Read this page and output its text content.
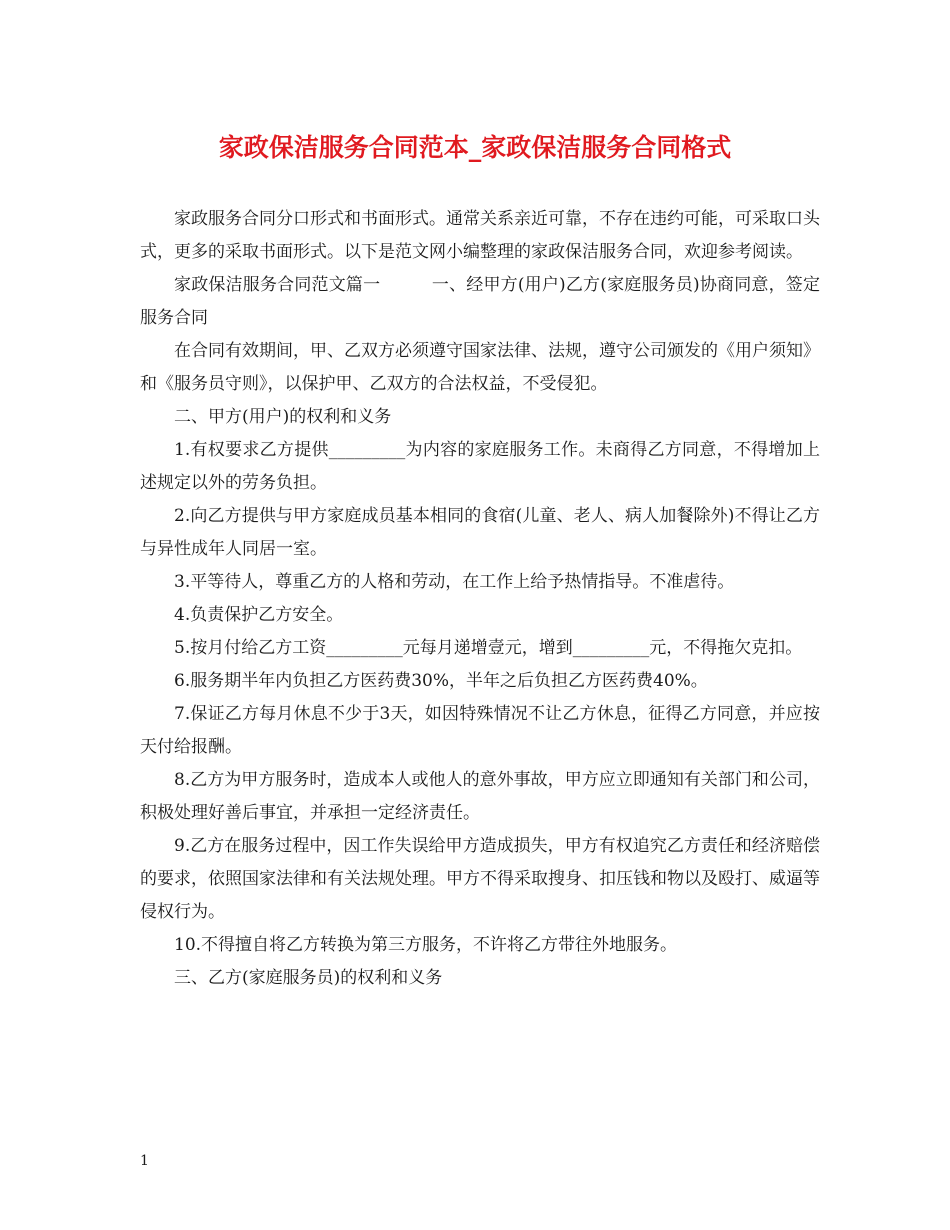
家政保洁服务合同范本_家政保洁服务合同格式

家政服务合同分口形式和书面形式。通常关系亲近可靠，不存在违约可能，可采取口头式，更多的采取书面形式。以下是范文网小编整理的家政保洁服务合同，欢迎参考阅读。

家政保洁服务合同范文篇一　　　一、经甲方(用户)乙方(家庭服务员)协商同意，签定服务合同

在合同有效期间，甲、乙双方必须遵守国家法律、法规，遵守公司颁发的《用户须知》和《服务员守则》，以保护甲、乙双方的合法权益，不受侵犯。

二、甲方(用户)的权利和义务

1.有权要求乙方提供_________为内容的家庭服务工作。未商得乙方同意，不得增加上述规定以外的劳务负担。

2.向乙方提供与甲方家庭成员基本相同的食宿(儿童、老人、病人加餐除外)不得让乙方与异性成年人同居一室。

3.平等待人，尊重乙方的人格和劳动，在工作上给予热情指导。不准虐待。

4.负责保护乙方安全。

5.按月付给乙方工资_________元每月递增壹元，增到_________元，不得拖欠克扣。

6.服务期半年内负担乙方医药费30%，半年之后负担乙方医药费40%。

7.保证乙方每月休息不少于3天，如因特殊情况不让乙方休息，征得乙方同意，并应按天付给报酬。

8.乙方为甲方服务时，造成本人或他人的意外事故，甲方应立即通知有关部门和公司，积极处理好善后事宜，并承担一定经济责任。

9.乙方在服务过程中，因工作失误给甲方造成损失，甲方有权追究乙方责任和经济赔偿的要求，依照国家法律和有关法规处理。甲方不得采取搜身、扣压钱和物以及殴打、威逼等侵权行为。

10.不得擅自将乙方转换为第三方服务，不许将乙方带往外地服务。

三、乙方(家庭服务员)的权利和义务

1
